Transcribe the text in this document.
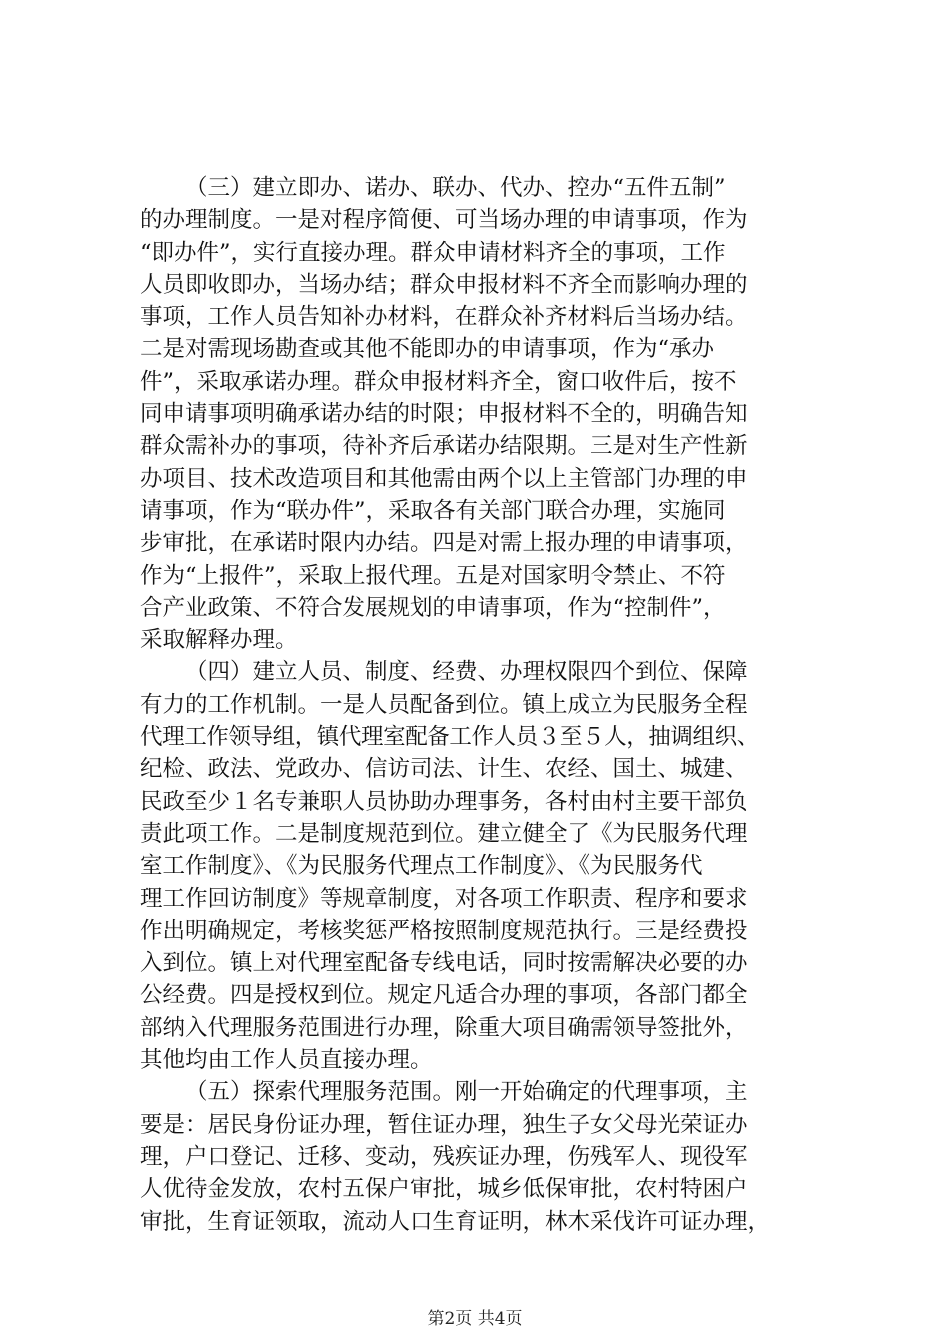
（三）建立即办、诺办、联办、代办、控办“五件五制”
的办理制度。一是对程序简便、可当场办理的申请事项，作为
“即办件”，实行直接办理。群众申请材料齐全的事项，工作
人员即收即办，当场办结；群众申报材料不齐全而影响办理的
事项，工作人员告知补办材料，在群众补齐材料后当场办结。
二是对需现场勘查或其他不能即办的申请事项，作为“承办
件”，采取承诺办理。群众申报材料齐全，窗口收件后，按不
同申请事项明确承诺办结的时限；申报材料不全的，明确告知
群众需补办的事项，待补齐后承诺办结限期。三是对生产性新
办项目、技术改造项目和其他需由两个以上主管部门办理的申
请事项，作为“联办件”，采取各有关部门联合办理，实施同
步审批，在承诺时限内办结。四是对需上报办理的申请事项，
作为“上报件”，采取上报代理。五是对国家明令禁止、不符
合产业政策、不符合发展规划的申请事项，作为“控制件”，
采取解释办理。
（四）建立人员、制度、经费、办理权限四个到位、保障
有力的工作机制。一是人员配备到位。镇上成立为民服务全程
代理工作领导组，镇代理室配备工作人员３至５人，抽调组织、
纪检、政法、党政办、信访司法、计生、农经、国土、城建、
民政至少１名专兼职人员协助办理事务，各村由村主要干部负
责此项工作。二是制度规范到位。建立健全了《为民服务代理
室工作制度》、《为民服务代理点工作制度》、《为民服务代
理工作回访制度》等规章制度，对各项工作职责、程序和要求
作出明确规定，考核奖惩严格按照制度规范执行。三是经费投
入到位。镇上对代理室配备专线电话，同时按需解决必要的办
公经费。四是授权到位。规定凡适合办理的事项，各部门都全
部纳入代理服务范围进行办理，除重大项目确需领导签批外，
其他均由工作人员直接办理。
（五）探索代理服务范围。刚一开始确定的代理事项，主
要是：居民身份证办理，暂住证办理，独生子女父母光荣证办
理，户口登记、迁移、变动，残疾证办理，伤残军人、现役军
人优待金发放，农村五保户审批，城乡低保审批，农村特困户
审批，生育证领取，流动人口生育证明，林木采伐许可证办理，
第2页 共4页
